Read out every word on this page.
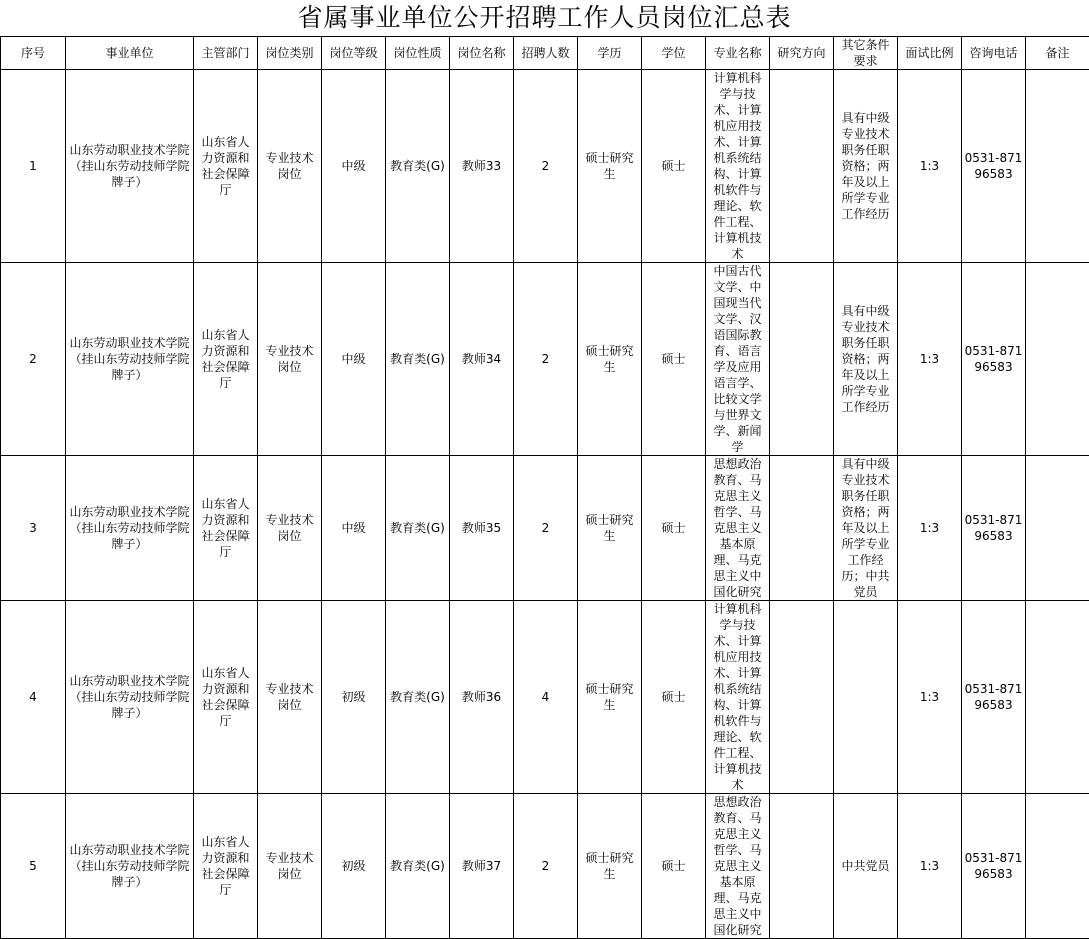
省属事业单位公开招聘工作人员岗位汇总表
序号	事业单位	主管部门	岗位类别	岗位等级	岗位性质	岗位名称	招聘人数	学历	学位	专业名称	研究方向	其它条件要求	面试比例	咨询电话	备注
1	山东劳动职业技术学院（挂山东劳动技师学院牌子）	山东省人力资源和社会保障厅	专业技术岗位	中级	教育类(G)	教师33	2	硕士研究生	硕士	计算机科学与技术、计算机应用技术、计算机系统结构、计算机软件与理论、软件工程、计算机技术		具有中级专业技术职务任职资格；两年及以上所学专业工作经历	1:3	0531-87196583	
2	山东劳动职业技术学院（挂山东劳动技师学院牌子）	山东省人力资源和社会保障厅	专业技术岗位	中级	教育类(G)	教师34	2	硕士研究生	硕士	中国古代文学、中国现当代文学、汉语国际教育、语言学及应用语言学、比较文学与世界文学、新闻学		具有中级专业技术职务任职资格；两年及以上所学专业工作经历	1:3	0531-87196583	
3	山东劳动职业技术学院（挂山东劳动技师学院牌子）	山东省人力资源和社会保障厅	专业技术岗位	中级	教育类(G)	教师35	2	硕士研究生	硕士	思想政治教育、马克思主义哲学、马克思主义基本原理、马克思主义中国化研究		具有中级专业技术职务任职资格；两年及以上所学专业工作经历；中共党员	1:3	0531-87196583	
4	山东劳动职业技术学院（挂山东劳动技师学院牌子）	山东省人力资源和社会保障厅	专业技术岗位	初级	教育类(G)	教师36	4	硕士研究生	硕士	计算机科学与技术、计算机应用技术、计算机系统结构、计算机软件与理论、软件工程、计算机技术			1:3	0531-87196583	
5	山东劳动职业技术学院（挂山东劳动技师学院牌子）	山东省人力资源和社会保障厅	专业技术岗位	初级	教育类(G)	教师37	2	硕士研究生	硕士	思想政治教育、马克思主义哲学、马克思主义基本原理、马克思主义中国化研究		中共党员	1:3	0531-87196583	
